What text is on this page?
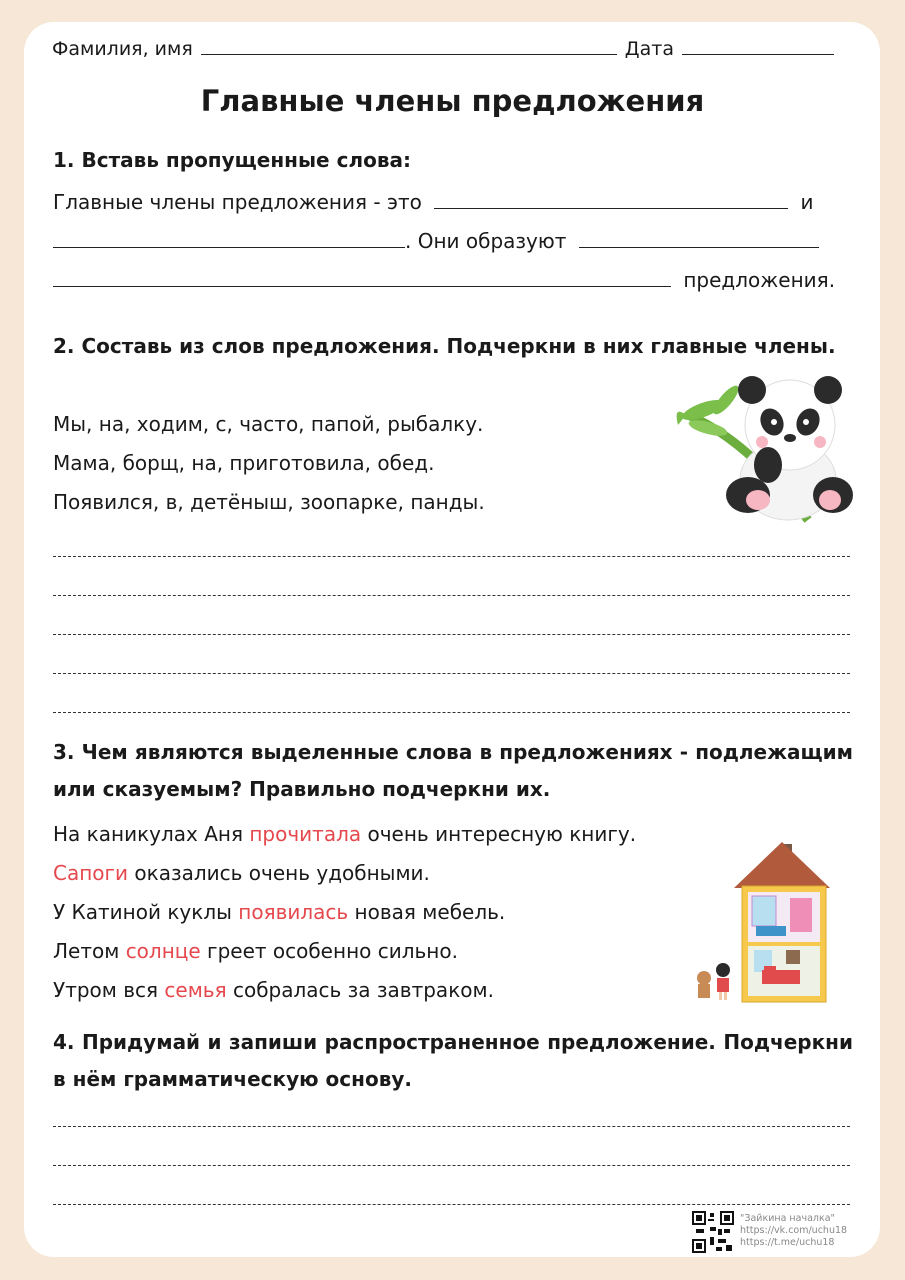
Фамилия, имя	Дата
Главные члены предложения
1. Вставь пропущенные слова:
Главные члены предложения - это	и
. Они образуют
предложения.
2. Составь из слов предложения. Подчеркни в них главные члены.
Мы, на, ходим, с, часто, папой, рыбалку.
Мама, борщ, на, приготовила, обед.
Появился, в, детёныш, зоопарке, панды.
3. Чем являются выделенные слова в предложениях - подлежащим или сказуемым? Правильно подчеркни их.
На каникулах Аня прочитала очень интересную книгу.
Сапоги оказались очень удобными.
У Катиной куклы появилась новая мебель.
Летом солнце греет особенно сильно.
Утром вся семья собралась за завтраком.
4. Придумай и запиши распространенное предложение. Подчеркни в нём грамматическую основу.
"Зайкина началка"
https://vk.com/uchu18
https://t.me/uchu18
